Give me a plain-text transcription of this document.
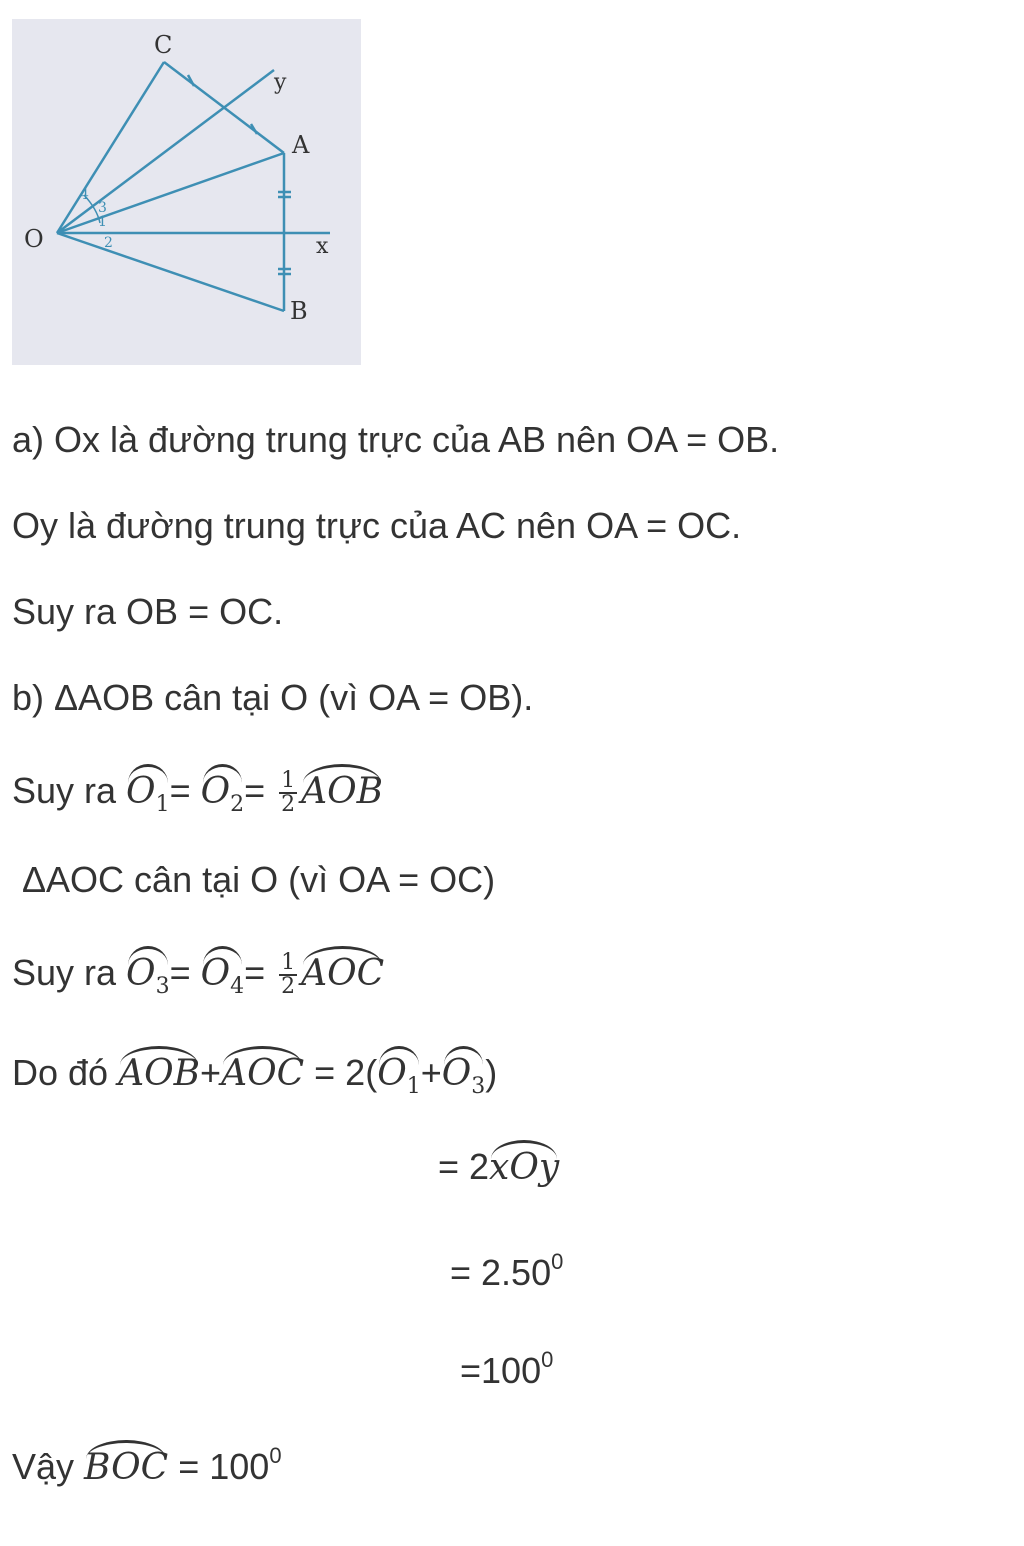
C
y
A
O	x
B
4
3
1
2
a) Ox là đường trung trực của AB nên OA = OB.
Oy là đường trung trực của AC nên OA = OC.
Suy ra OB = OC.
b) ΔAOB cân tại O (vì OA = OB).
Suy ra $O_1= O_2= \frac{1}{2}$ AOB
ΔAOC cân tại O (vì OA = OC)
Suy ra $O_3= O_4= \frac{1}{2}$ AOC
Do đó $AOB+AOC = 2(O_1+O_3)$
= 2xOy
= $2.50^0$
$=100^0$
Vậy BOC = $100^0$
